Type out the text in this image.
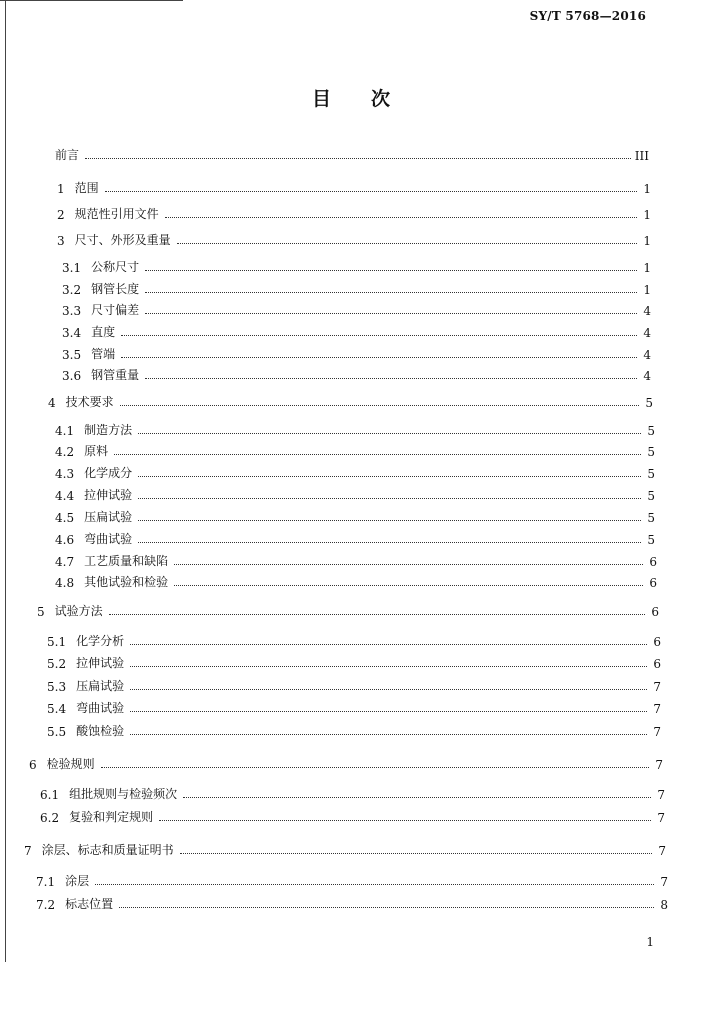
SY/T 5768—2016
目 次
前言	III
1 范围	1
2 规范性引用文件	1
3 尺寸、外形及重量	1
3.1 公称尺寸	1
3.2 钢管长度	1
3.3 尺寸偏差	4
3.4 直度	4
3.5 管端	4
3.6 钢管重量	4
4 技术要求	5
4.1 制造方法	5
4.2 原料	5
4.3 化学成分	5
4.4 拉伸试验	5
4.5 压扁试验	5
4.6 弯曲试验	5
4.7 工艺质量和缺陷	6
4.8 其他试验和检验	6
5 试验方法	6
5.1 化学分析	6
5.2 拉伸试验	6
5.3 压扁试验	7
5.4 弯曲试验	7
5.5 酸蚀检验	7
6 检验规则	7
6.1 组批规则与检验频次	7
6.2 复验和判定规则	7
7 涂层、标志和质量证明书	7
7.1 涂层	7
7.2 标志位置	8
1
